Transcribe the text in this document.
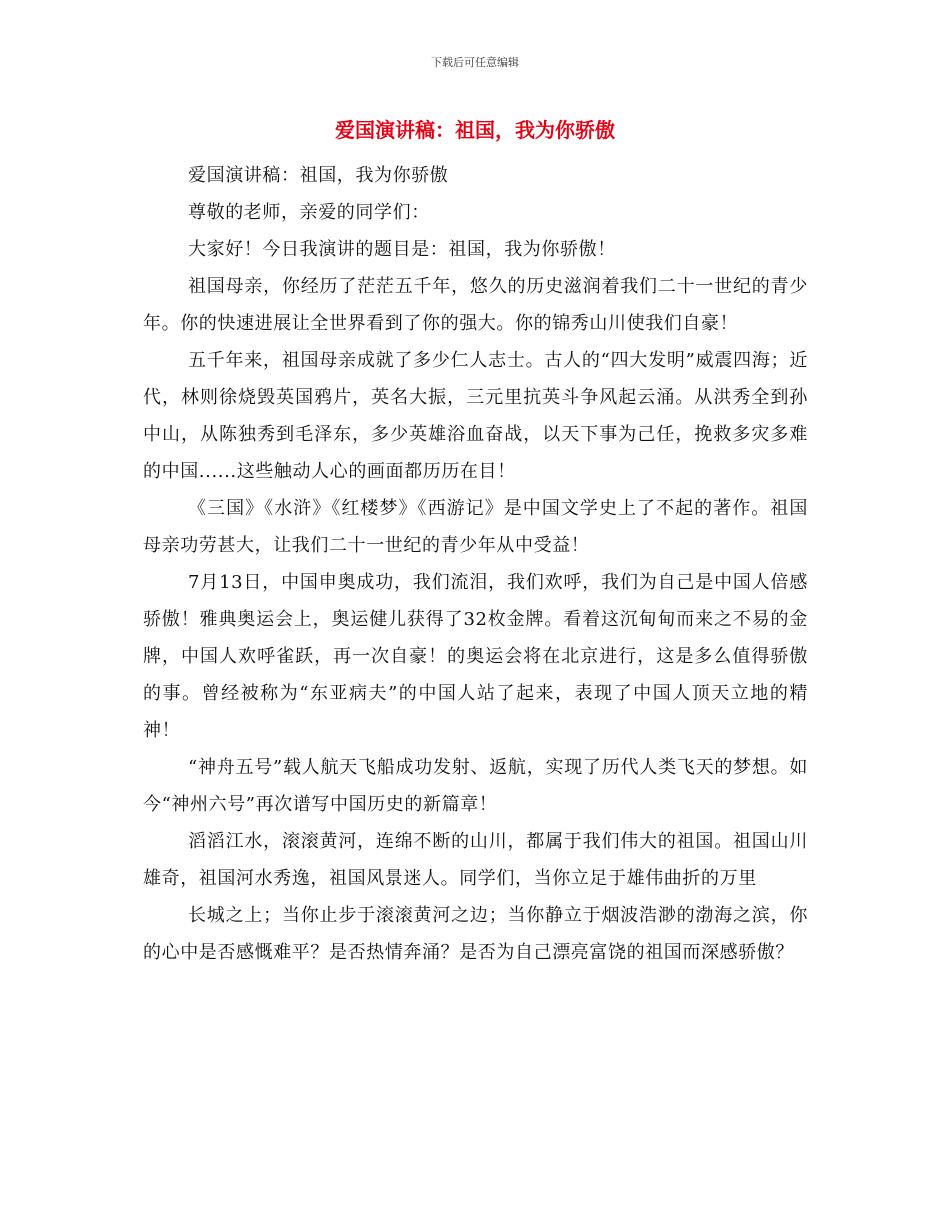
下载后可任意编辑
爱国演讲稿：祖国，我为你骄傲

爱国演讲稿：祖国，我为你骄傲

尊敬的老师，亲爱的同学们：

大家好！今日我演讲的题目是：祖国，我为你骄傲！

祖国母亲，你经历了茫茫五千年，悠久的历史滋润着我们二十一世纪的青少年。你的快速进展让全世界看到了你的强大。你的锦秀山川使我们自豪！

五千年来，祖国母亲成就了多少仁人志士。古人的“四大发明”威震四海；近代，林则徐烧毁英国鸦片，英名大振，三元里抗英斗争风起云涌。从洪秀全到孙中山，从陈独秀到毛泽东，多少英雄浴血奋战，以天下事为己任，挽救多灾多难的中国......这些触动人心的画面都历历在目！

《三国》《水浒》《红楼梦》《西游记》是中国文学史上了不起的著作。祖国母亲功劳甚大，让我们二十一世纪的青少年从中受益！

7月13日，中国申奥成功，我们流泪，我们欢呼，我们为自己是中国人倍感骄傲！雅典奥运会上，奥运健儿获得了32枚金牌。看着这沉甸甸而来之不易的金牌，中国人欢呼雀跃，再一次自豪！的奥运会将在北京进行，这是多么值得骄傲的事。曾经被称为“东亚病夫”的中国人站了起来，表现了中国人顶天立地的精神！

“神舟五号”载人航天飞船成功发射、返航，实现了历代人类飞天的梦想。如今“神州六号”再次谱写中国历史的新篇章！

滔滔江水，滚滚黄河，连绵不断的山川，都属于我们伟大的祖国。祖国山川雄奇，祖国河水秀逸，祖国风景迷人。同学们，当你立足于雄伟曲折的万里

长城之上；当你止步于滚滚黄河之边；当你静立于烟波浩渺的渤海之滨，你的心中是否感慨难平？是否热情奔涌？是否为自己漂亮富饶的祖国而深感骄傲？
